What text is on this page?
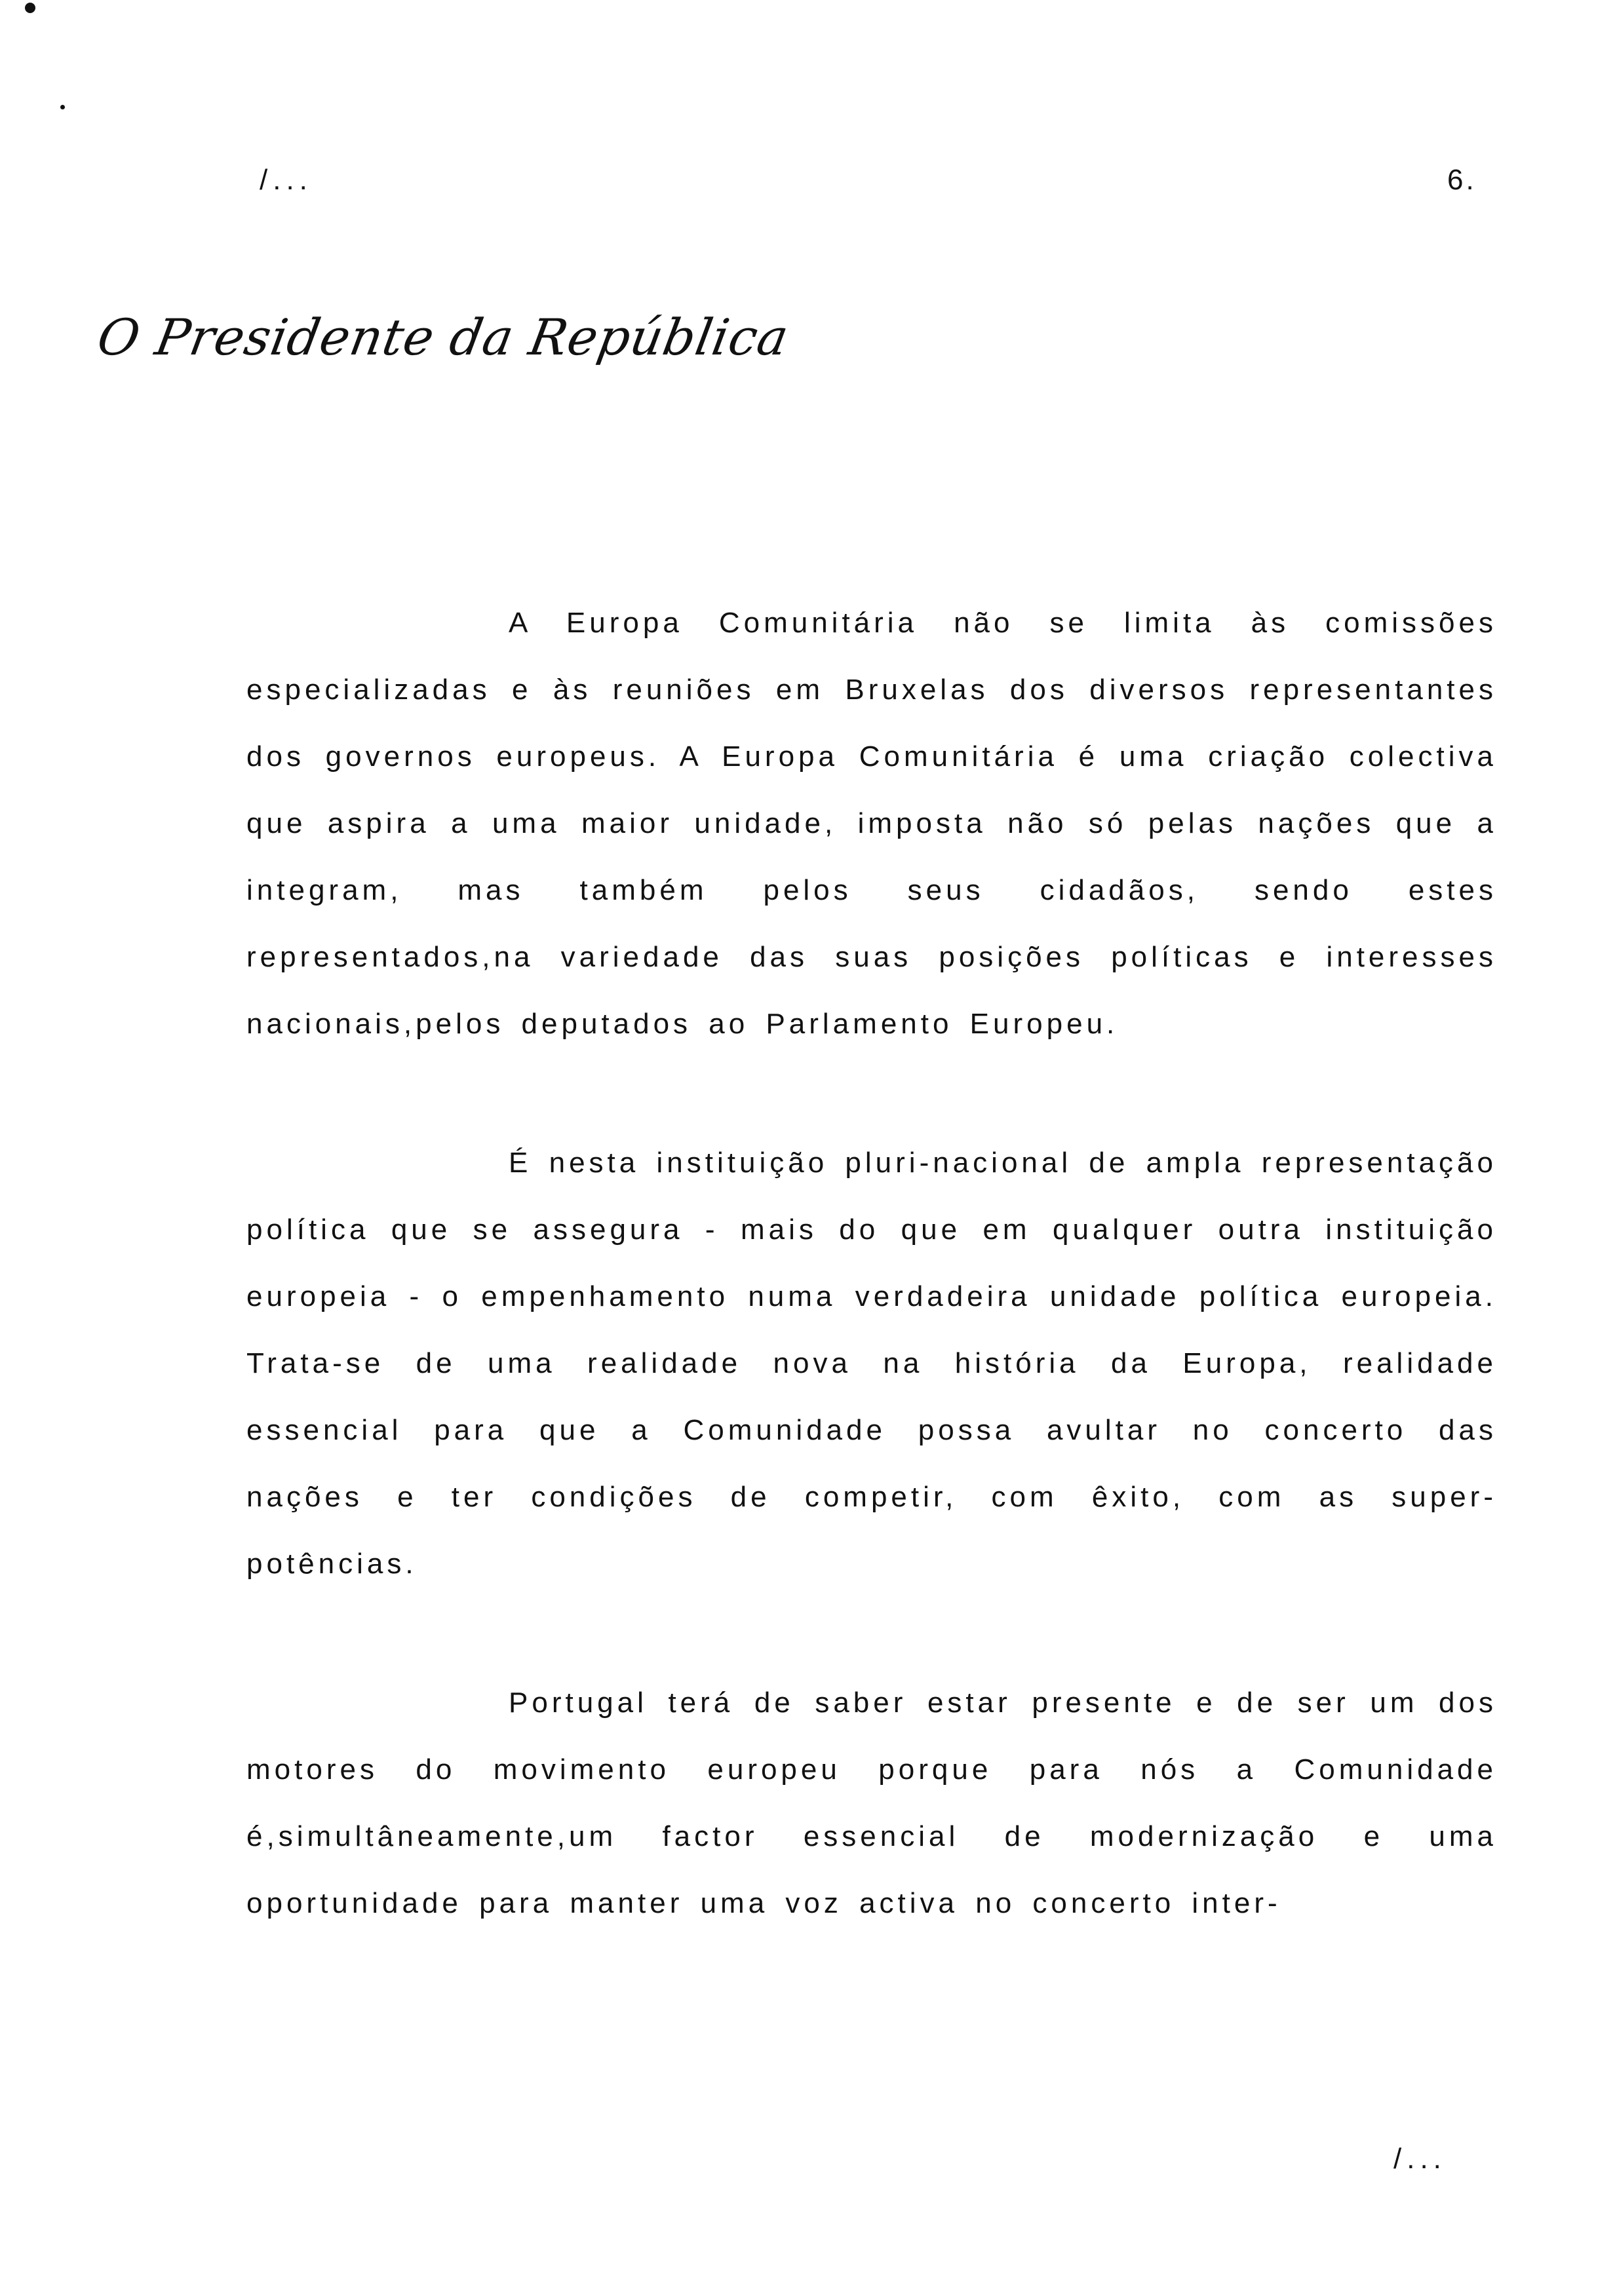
/...	6.
O Presidente da República

A Europa Comunitária não se limita às comissões especializadas e às reuniões em Bruxelas dos diversos representantes dos governos europeus. A Europa Comunitária é uma criação colectiva que aspira a uma maior unidade, imposta não só pelas nações que a integram, mas também pelos seus cidadãos, sendo estes representados,na variedade das suas posições políticas e interesses nacionais,pelos deputados ao Parlamento Europeu.

É nesta instituição pluri-nacional de ampla representação política que se assegura - mais do que em qualquer outra instituição europeia - o empenhamento numa verdadeira unidade política europeia. Trata-se de uma realidade nova na história da Europa, realidade essencial para que a Comunidade possa avultar no concerto das nações e ter condições de competir, com êxito, com as super-potências.

Portugal terá de saber estar presente e de ser um dos motores do movimento europeu porque para nós a Comunidade é,simultâneamente,um factor essencial de modernização e uma oportunidade para manter uma voz activa no concerto inter-

/...
